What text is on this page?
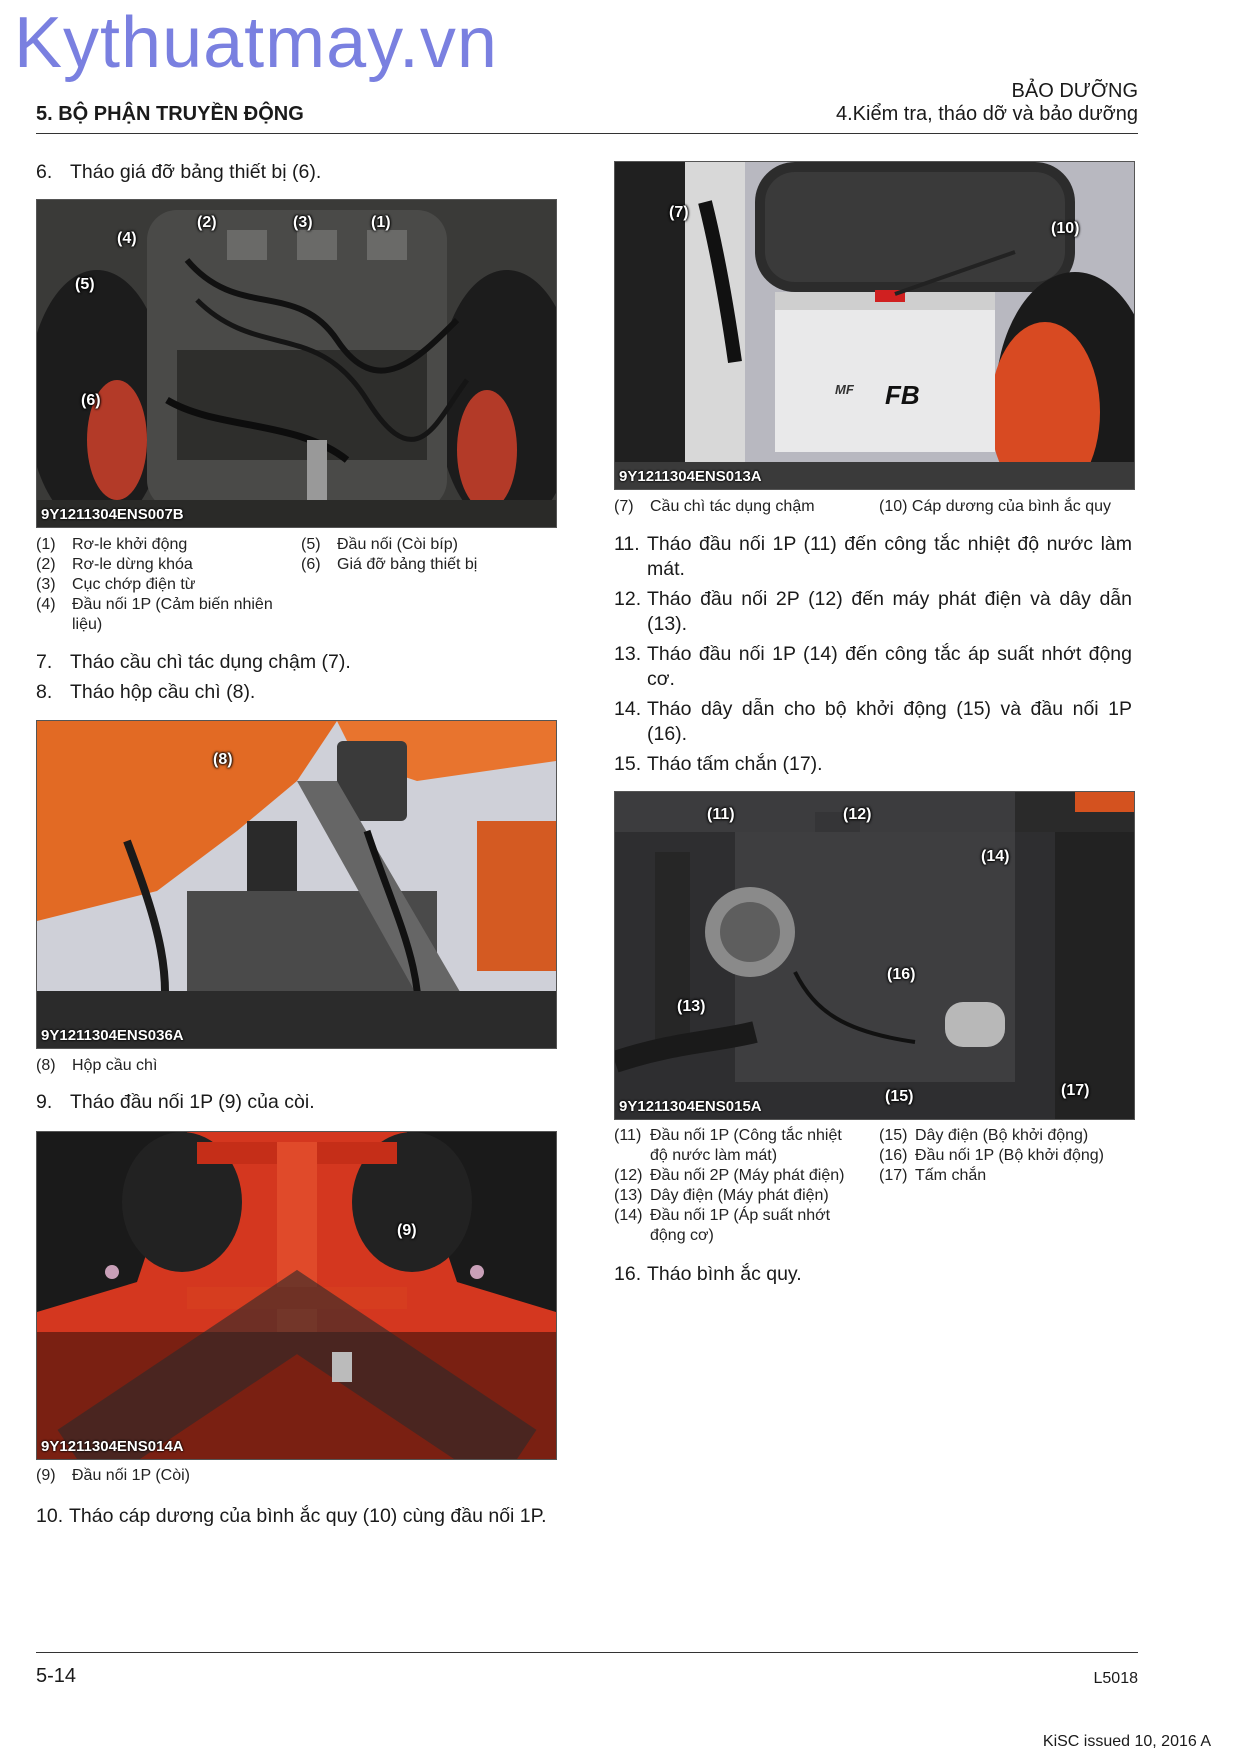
Kythuatmay.vn
BẢO DƯỠNG
4.Kiểm tra, tháo dỡ và bảo dưỡng
5. BỘ PHẬN TRUYỀN ĐỘNG
6. Tháo giá đỡ bảng thiết bị (6).
(1)
(2)	(3)
(4)
(5)
(6)
9Y1211304ENS007B
(1) Rơ-le khởi động
(2) Rơ-le dừng khóa
(3) Cục chớp điện từ
(4) Đầu nối 1P (Cảm biến nhiên
liệu)
(5) Đầu nối (Còi bíp)
(6) Giá đỡ bảng thiết bị
7. Tháo cầu chì tác dụng chậm (7).
8. Tháo hộp cầu chì (8).
(8)
9Y1211304ENS036A
(8) Hộp cầu chì
9. Tháo đầu nối 1P (9) của còi.
(9)
9Y1211304ENS014A
(9) Đầu nối 1P (Còi)
10. Tháo cáp dương của bình ắc quy (10) cùng đầu nối 1P.
FB
MF
(7)
(10)
9Y1211304ENS013A
(7) Cầu chì tác dụng chậm	(10) Cáp dương của bình ắc quy
11. Tháo đầu nối 1P (11) đến công tắc nhiệt độ nước làm mát.
12. Tháo đầu nối 2P (12) đến máy phát điện và dây dẫn (13).
13. Tháo đầu nối 1P (14) đến công tắc áp suất nhớt động cơ.
14. Tháo dây dẫn cho bộ khởi động (15) và đầu nối 1P (16).
15. Tháo tấm chắn (17).
(11)	(12)
(13)
(14)
(15)
(16)
(17)
9Y1211304ENS015A
(11) Đầu nối 1P (Công tắc nhiệt
độ nước làm mát)
(12) Đầu nối 2P (Máy phát điện)
(13) Dây điện (Máy phát điện)
(14) Đầu nối 1P (Áp suất nhớt
động cơ)
(15) Dây điện (Bộ khởi động)
(16) Đầu nối 1P (Bộ khởi động)
(17) Tấm chắn
16. Tháo bình ắc quy.
5-14	L5018
KiSC issued 10, 2016 A
